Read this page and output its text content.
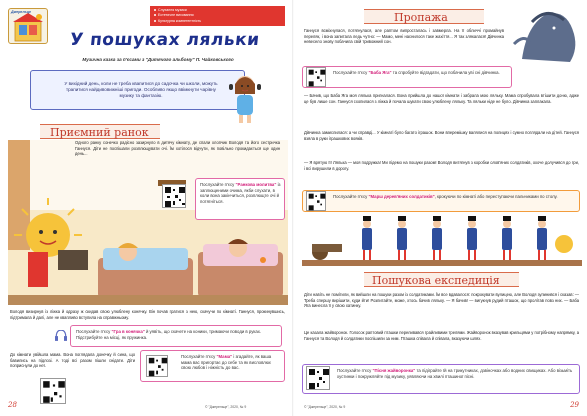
Джерельце	Слухання музики
Естетичне виховання
Культурна компетентність
У пошуках ляльки
Музична казка за п'єсами з "Дитячого альбому" П. Чайковського
У вихідний день, коли не треба квапитися до садочка чи школи, можуть трапитися найдивовижніші пригоди. Особливо якщо ввімкнути чарівну музику та фантазію.
Приємний ранок
Одного ранку сонечко радісно зазирнуло в дитячу кімнату, де спали хлопчик Володя та його сестричка Ганнуся. Діти не поспішали розплющувати очі. Їм хотілося відчути, як повільно прокидається ще один день...
Послухайте п'єсу "Ранкова молитва" із заплющеними очима, якби слухати, в коли вона закінчиться, розплющте очі й потягніться.
Володя визирнув із ліжка й одразу ж скидав свою улюблену конячку. Він почав гратися з нею, скачучи по кімнаті. Ганнуся, прокинувшись, підтримала й далі, але не квапливо вступила на справжньому.
Послухайте п'єсу "Гра в конячка" й уявіть, що скачете на коники, тримаючи поводи в руках. Підстрибуйте на місці, як пружинка.
До кімнати увійшла мама. Вона поглядала донечку й сина, що бавились на підлозі. А тоді всі разом пішли снідати. Діти поприснули до неї.
Послухайте п'єсу "Мама" і згадайте, як ваша мама вас пригортає до себе та як висловлює свою любов і ніжність до вас.
© "Джерельце", 2020, № 9
28
Пропажа
Ганнуся всміхнулася, потягнулася, але раптом випросталась і завмерла. На її обличчі промайнув переляк, і вона запитала ледь чутно: — Мамо, мені наснилося таке жахіття... Я так злякалася! Дівчинка невесело знову побачила свій тривожний сон.
Послухайте п'єсу "Баба Яга" та спробуйте відгадати, що побачила уві сні дівчинка.
— Бачив, що Баба Яга моя лялька пригналася. Вона прийшла до нашої кімнати і забрала мою ляльку. Мама спробувала втішити доню, адже це був лише сон. Ганнуся схопилася з ліжка й почала шукати свою улюблену ляльку. Та ляльки ніде не було. Дівчинка заплакала.
Дівчинка замислилася: а чи справді... У кімнаті було багато іграшок. Вони вперемішку валялися на полицях і сумно поглядали на дітей. Ганнуся взяла в руки іграшкових вояків.
— Я врятую її! Лялька — моя подружка! Ми підемо на пошуки разом! Володя витягнув з коробки олов'яних солдатиків, охоче долучився до гри, і всі вирушили в дорогу.
Послухайте п'єсу "Марш дерев'яних солдатиків", крокуючи по кімнаті або переступаючи пальчиками по столу.
Пошукова експедиція
Діти навіть не помітили, як вийшли на пошуки разом із солдатиками. Їм все вдавалося: покрокувати вулицею, але Володя зупинився і сказав: — Треба спершу вирішити, куди йти! Розпитайте, може, хтось бачив ляльку. — Я бачив! — вигукнув рудий пташок, що пролітав повз них. — Баба Яга винесла її у свою хатинку.
Це казала жайворонок. Голосок раптовий пташки переливався грайливими трелями. Жайворонок вказував крильцями у потрібному напрямку, а Ганнуся та Володя й солдатики поспішили за ним. Пташка співала й співала, вказуючи шлях.
Послухайте п'єсу "Пісня жайворонка" та підіграйте їй на трикутниках, дзвіночках або водних свищиках. Або візьміть хустинки і покружляйте під музику, уявляючи на хвилі пташиної пісні.
© "Джерельце", 2020, № 9	29
